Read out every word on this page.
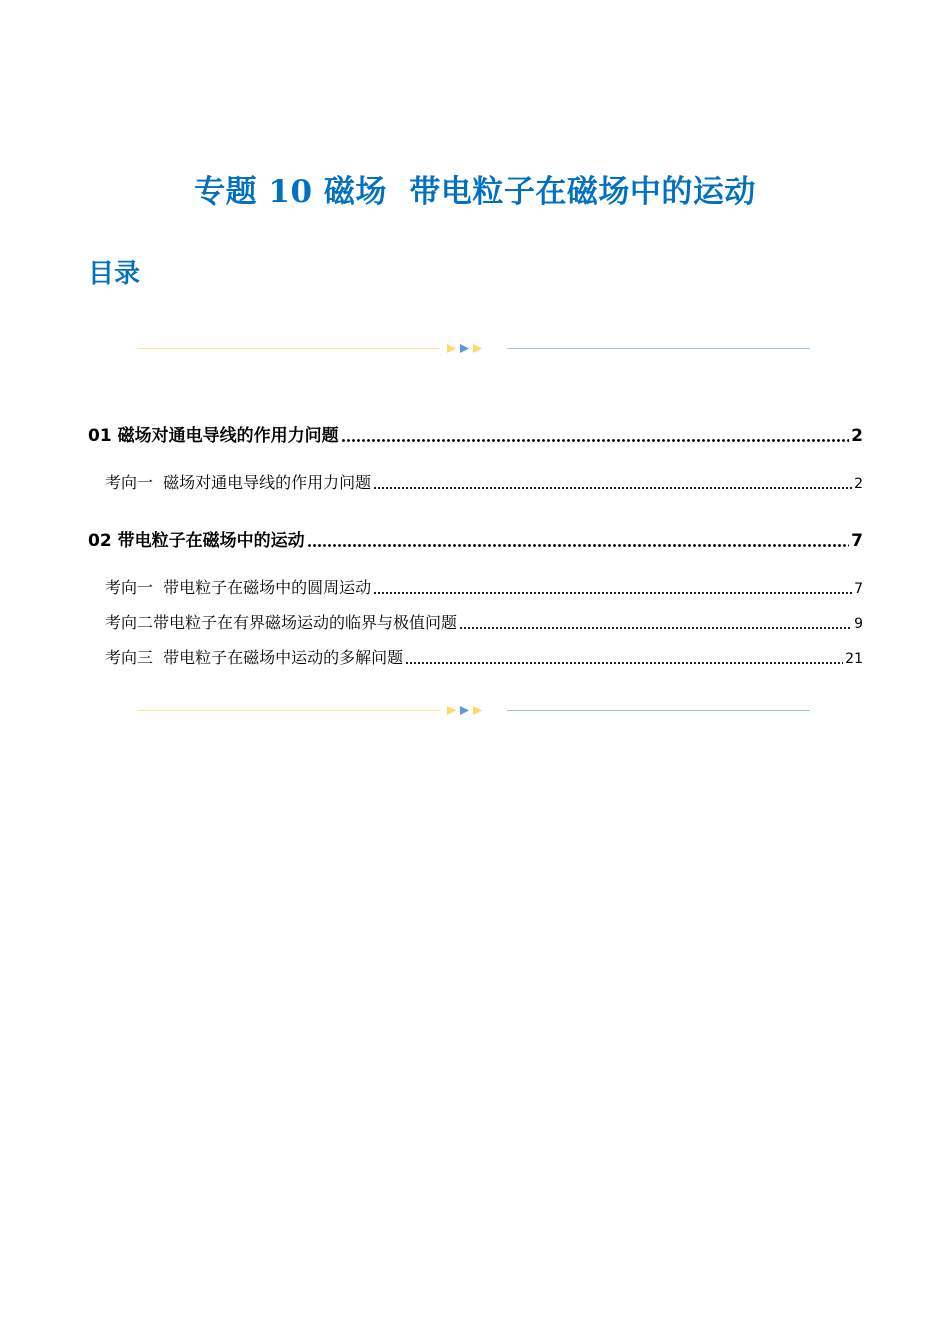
专题 10 磁场  带电粒子在磁场中的运动
目录
01 磁场对通电导线的作用力问题	2
考向一  磁场对通电导线的作用力问题	2
02 带电粒子在磁场中的运动	7
考向一  带电粒子在磁场中的圆周运动	7
考向二带电粒子在有界磁场运动的临界与极值问题	9
考向三  带电粒子在磁场中运动的多解问题	21
